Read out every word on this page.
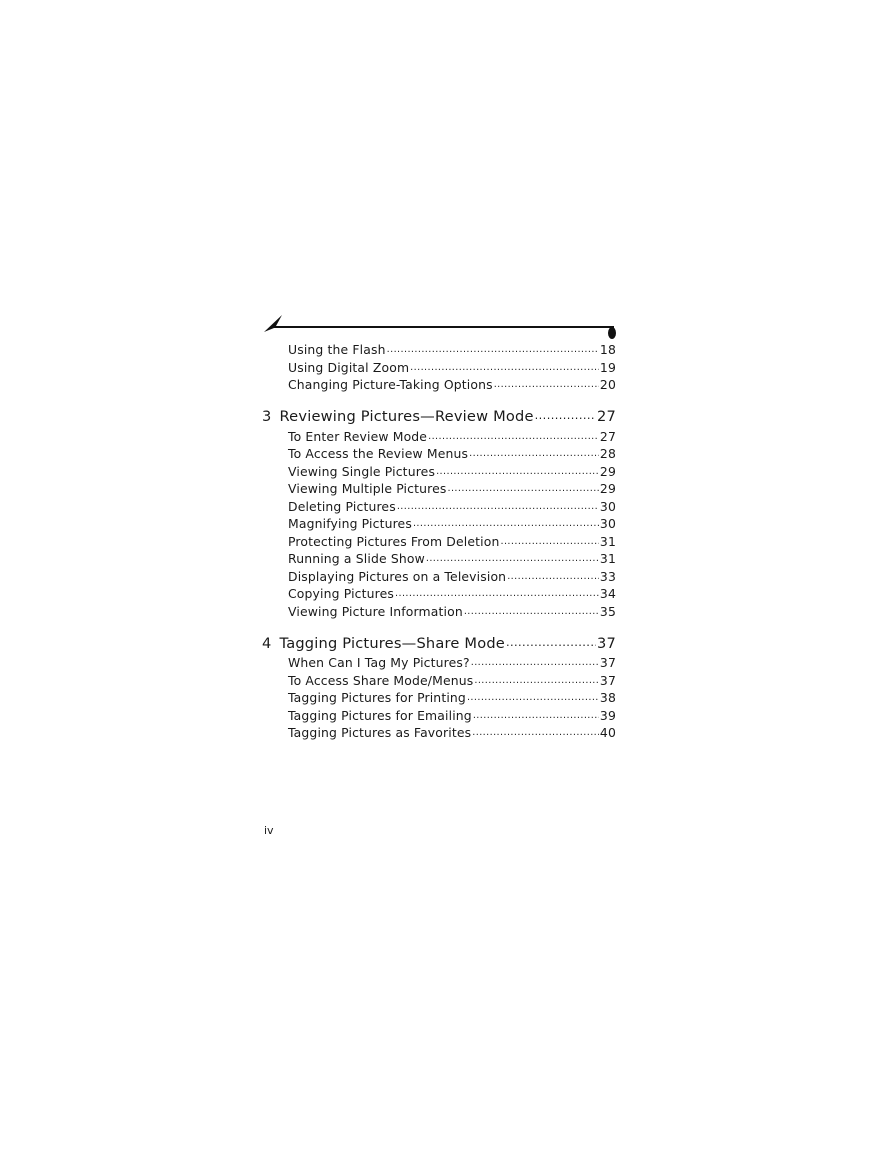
Using the Flash .....	18
Using Digital Zoom .....	19
Changing Picture-Taking Options .....	20
3 Reviewing Pictures—Review Mode .....	27
To Enter Review Mode .....	27
To Access the Review Menus .....	28
Viewing Single Pictures .....	29
Viewing Multiple Pictures .....	29
Deleting Pictures .....	30
Magnifying Pictures .....	30
Protecting Pictures From Deletion .....	31
Running a Slide Show .....	31
Displaying Pictures on a Television .....	33
Copying Pictures .....	34
Viewing Picture Information .....	35
4 Tagging Pictures—Share Mode .....	37
When Can I Tag My Pictures? .....	37
To Access Share Mode/Menus .....	37
Tagging Pictures for Printing .....	38
Tagging Pictures for Emailing .....	39
Tagging Pictures as Favorites .....	40
iv
